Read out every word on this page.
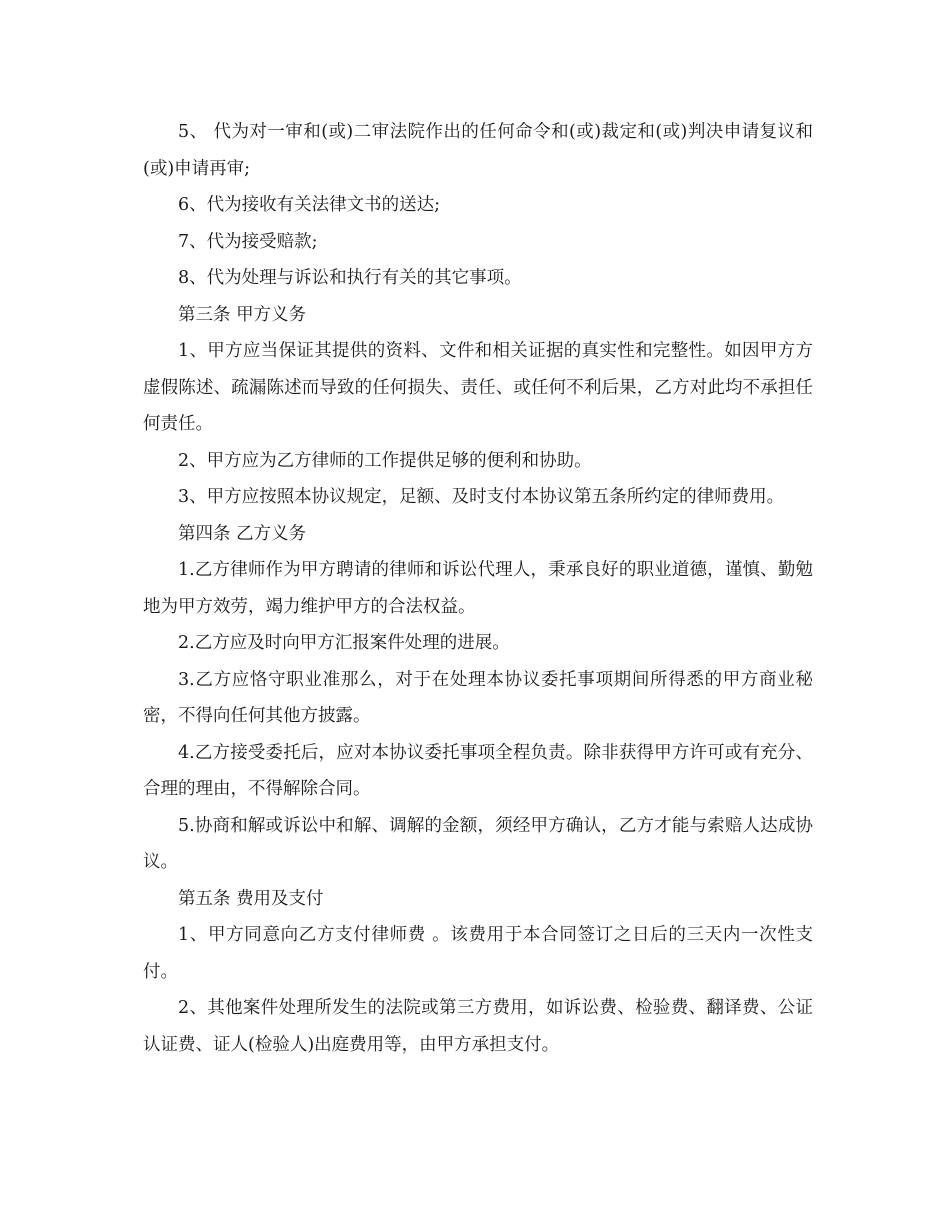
5、 代为对一审和(或)二审法院作出的任何命令和(或)裁定和(或)判决申请复议和(或)申请再审;

6、代为接收有关法律文书的送达;

7、代为接受赔款;

8、代为处理与诉讼和执行有关的其它事项。

第三条 甲方义务

1、甲方应当保证其提供的资料、文件和相关证据的真实性和完整性。如因甲方方虚假陈述、疏漏陈述而导致的任何损失、责任、或任何不利后果，乙方对此均不承担任何责任。

2、甲方应为乙方律师的工作提供足够的便利和协助。

3、甲方应按照本协议规定，足额、及时支付本协议第五条所约定的律师费用。

第四条 乙方义务

1.乙方律师作为甲方聘请的律师和诉讼代理人，秉承良好的职业道德，谨慎、勤勉地为甲方效劳，竭力维护甲方的合法权益。

2.乙方应及时向甲方汇报案件处理的进展。

3.乙方应恪守职业准那么，对于在处理本协议委托事项期间所得悉的甲方商业秘密，不得向任何其他方披露。

4.乙方接受委托后，应对本协议委托事项全程负责。除非获得甲方许可或有充分、合理的理由，不得解除合同。

5.协商和解或诉讼中和解、调解的金额，须经甲方确认，乙方才能与索赔人达成协议。

第五条 费用及支付

1、甲方同意向乙方支付律师费 。该费用于本合同签订之日后的三天内一次性支付。

2、其他案件处理所发生的法院或第三方费用，如诉讼费、检验费、翻译费、公证认证费、证人(检验人)出庭费用等，由甲方承担支付。
